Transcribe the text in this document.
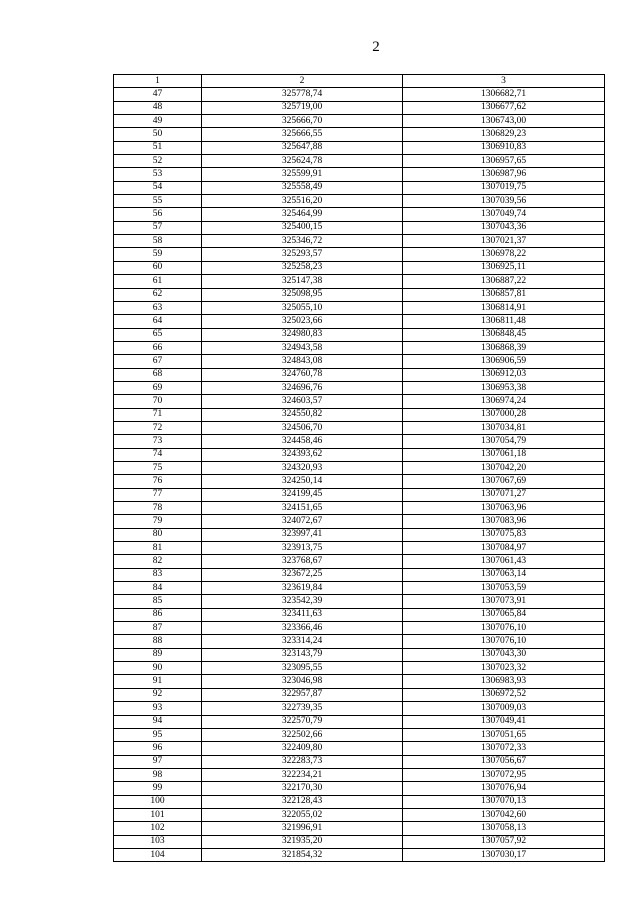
2
1	2	3
47	325778,74	1306682,71
48	325719,00	1306677,62
49	325666,70	1306743,00
50	325666,55	1306829,23
51	325647,88	1306910,83
52	325624,78	1306957,65
53	325599,91	1306987,96
54	325558,49	1307019,75
55	325516,20	1307039,56
56	325464,99	1307049,74
57	325400,15	1307043,36
58	325346,72	1307021,37
59	325293,57	1306978,22
60	325258,23	1306925,11
61	325147,38	1306887,22
62	325098,95	1306857,81
63	325055,10	1306814,91
64	325023,66	1306811,48
65	324980,83	1306848,45
66	324943,58	1306868,39
67	324843,08	1306906,59
68	324760,78	1306912,03
69	324696,76	1306953,38
70	324603,57	1306974,24
71	324550,82	1307000,28
72	324506,70	1307034,81
73	324458,46	1307054,79
74	324393,62	1307061,18
75	324320,93	1307042,20
76	324250,14	1307067,69
77	324199,45	1307071,27
78	324151,65	1307063,96
79	324072,67	1307083,96
80	323997,41	1307075,83
81	323913,75	1307084,97
82	323768,67	1307061,43
83	323672,25	1307063,14
84	323619,84	1307053,59
85	323542,39	1307073,91
86	323411,63	1307065,84
87	323366,46	1307076,10
88	323314,24	1307076,10
89	323143,79	1307043,30
90	323095,55	1307023,32
91	323046,98	1306983,93
92	322957,87	1306972,52
93	322739,35	1307009,03
94	322570,79	1307049,41
95	322502,66	1307051,65
96	322409,80	1307072,33
97	322283,73	1307056,67
98	322234,21	1307072,95
99	322170,30	1307076,94
100	322128,43	1307070,13
101	322055,02	1307042,60
102	321996,91	1307058,13
103	321935,20	1307057,92
104	321854,32	1307030,17
